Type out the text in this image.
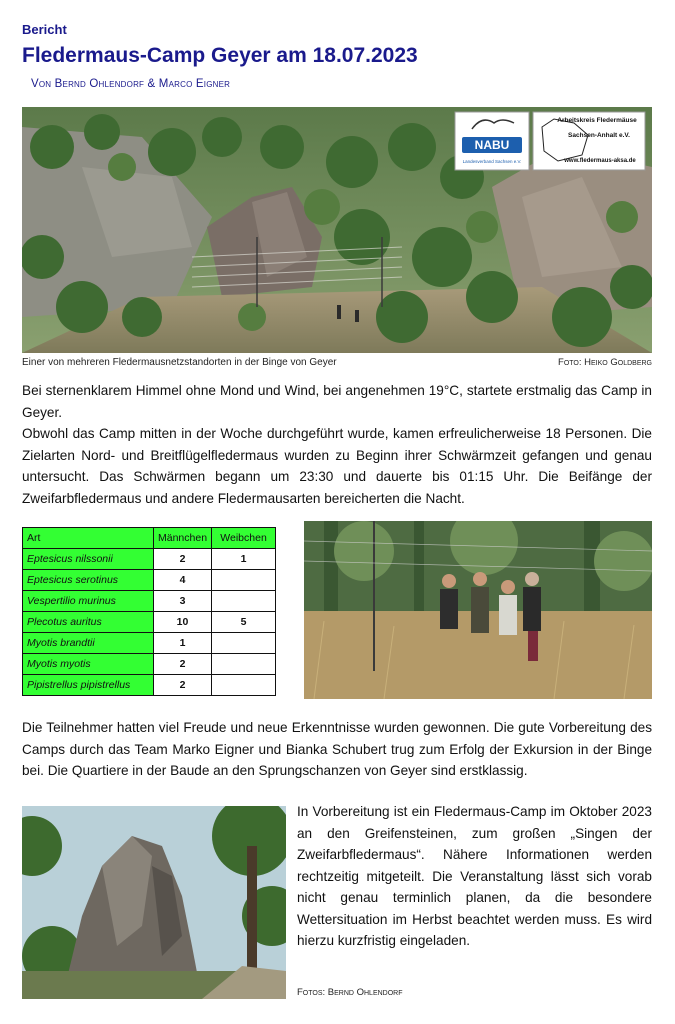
Bericht
Fledermaus-Camp Geyer am 18.07.2023
Von Bernd Ohlendorf & Marco Eigner
NABU
Landesverband Sachsen e.V.
Arbeitskreis Fledermäuse
Sachsen-Anhalt e.V.
www.fledermaus-aksa.de
Einer von mehreren Fledermausnetzstandorten in der Binge von Geyer	Foto: Heiko Goldberg
Bei sternenklarem Himmel ohne Mond und Wind, bei angenehmen 19°C, startete erstmalig das Camp in Geyer.
Obwohl das Camp mitten in der Woche durchgeführt wurde, kamen erfreulicherweise 18 Personen. Die Zielarten Nord- und Breitflügelfledermaus wurden zu Beginn ihrer Schwärmzeit gefangen und genau untersucht. Das Schwärmen begann um 23:30 und dauerte bis 01:15 Uhr. Die Beifänge der Zweifarbfledermaus und andere Fledermausarten bereicherten die Nacht.
Art	Männchen	Weibchen
Eptesicus nilssonii	2	1
Eptesicus serotinus	4	
Vespertilio murinus	3	
Plecotus auritus	10	5
Myotis brandtii	1	
Myotis myotis	2	
Pipistrellus pipistrellus	2	
Die Teilnehmer hatten viel Freude und neue Erkenntnisse wurden gewonnen. Die gute Vorbereitung des Camps durch das Team Marko Eigner und Bianka Schubert trug zum Erfolg der Exkursion in der Binge bei. Die Quartiere in der Baude an den Sprungschanzen von Geyer sind erstklassig.
In Vorbereitung ist ein Fledermaus-Camp im Oktober 2023 an den Greifensteinen, zum großen „Singen der Zweifarbfledermaus“. Nähere Informationen werden rechtzeitig mitgeteilt. Die Veranstaltung lässt sich vorab nicht genau terminlich planen, da die besondere Wettersituation im Herbst beachtet werden muss. Es wird hierzu kurzfristig eingeladen.
Fotos: Bernd Ohlendorf
